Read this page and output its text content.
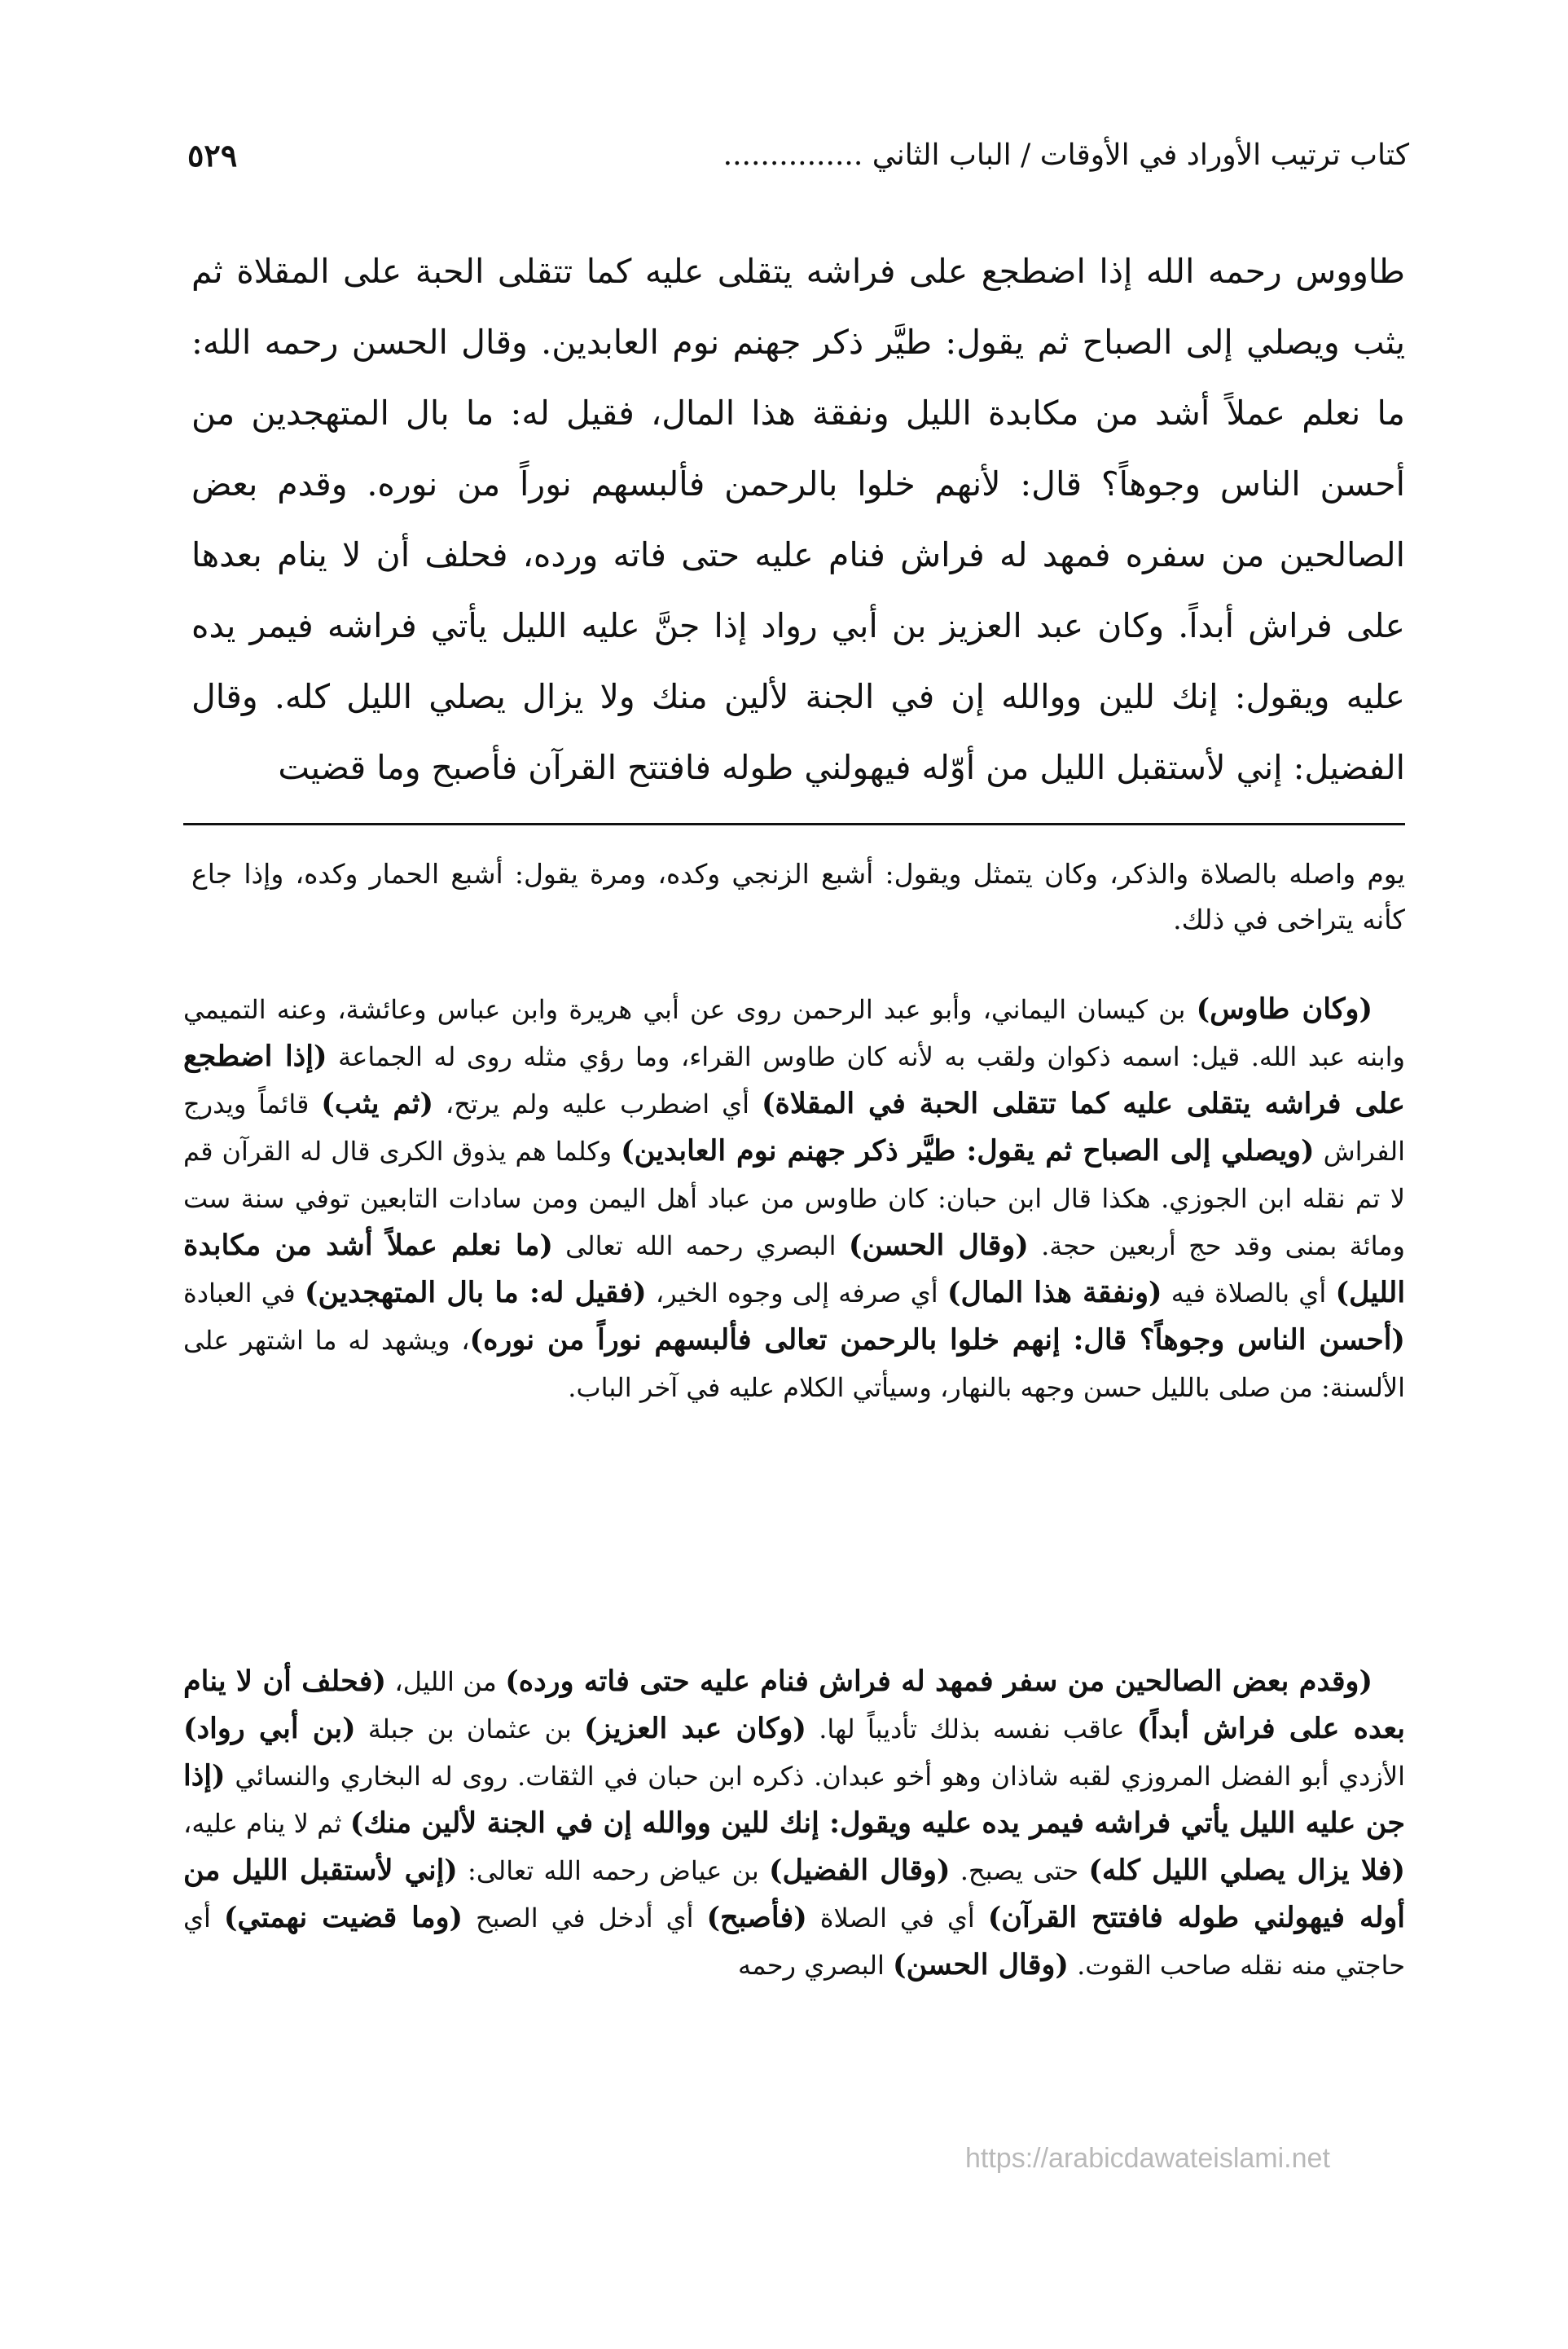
كتاب ترتيب الأوراد في الأوقات / الباب الثاني ...............
٥٢٩

طاووس رحمه الله إذا اضطجع على فراشه يتقلى عليه كما تتقلى الحبة على المقلاة ثم يثب ويصلي إلى الصباح ثم يقول: طيَّر ذكر جهنم نوم العابدين. وقال الحسن رحمه الله: ما نعلم عملاً أشد من مكابدة الليل ونفقة هذا المال، فقيل له: ما بال المتهجدين من أحسن الناس وجوهاً؟ قال: لأنهم خلوا بالرحمن فألبسهم نوراً من نوره. وقدم بعض الصالحين من سفره فمهد له فراش فنام عليه حتى فاته ورده، فحلف أن لا ينام بعدها على فراش أبداً. وكان عبد العزيز بن أبي رواد إذا جنَّ عليه الليل يأتي فراشه فيمر يده عليه ويقول: إنك للين ووالله إن في الجنة لألين منك ولا يزال يصلي الليل كله. وقال الفضيل: إني لأستقبل الليل من أوّله فيهولني طوله فافتتح القرآن فأصبح وما قضيت

يوم واصله بالصلاة والذكر، وكان يتمثل ويقول: أشبع الزنجي وكده، ومرة يقول: أشبع الحمار وكده، وإذا جاع كأنه يتراخى في ذلك.

(وكان طاوس) بن كيسان اليماني، وأبو عبد الرحمن روى عن أبي هريرة وابن عباس وعائشة، وعنه التميمي وابنه عبد الله. قيل: اسمه ذكوان ولقب به لأنه كان طاوس القراء، وما رؤي مثله روى له الجماعة (إذا اضطجع على فراشه يتقلى عليه كما تتقلى الحبة في المقلاة) أي اضطرب عليه ولم يرتح، (ثم يثب) قائماً ويدرج الفراش (ويصلي إلى الصباح ثم يقول: طيَّر ذكر جهنم نوم العابدين) وكلما هم يذوق الكرى قال له القرآن قم لا تم نقله ابن الجوزي. هكذا قال ابن حبان: كان طاوس من عباد أهل اليمن ومن سادات التابعين توفي سنة ست ومائة بمنى وقد حج أربعين حجة. (وقال الحسن) البصري رحمه الله تعالى (ما نعلم عملاً أشد من مكابدة الليل) أي بالصلاة فيه (ونفقة هذا المال) أي صرفه إلى وجوه الخير، (فقيل له: ما بال المتهجدين) في العبادة (أحسن الناس وجوهاً؟ قال: إنهم خلوا بالرحمن تعالى فألبسهم نوراً من نوره)، ويشهد له ما اشتهر على الألسنة: من صلى بالليل حسن وجهه بالنهار، وسيأتي الكلام عليه في آخر الباب.

(وقدم بعض الصالحين من سفر فمهد له فراش فنام عليه حتى فاته ورده) من الليل، (فحلف أن لا ينام بعده على فراش أبداً) عاقب نفسه بذلك تأديباً لها. (وكان عبد العزيز) بن عثمان بن جبلة (بن أبي رواد) الأزدي أبو الفضل المروزي لقبه شاذان وهو أخو عبدان. ذكره ابن حبان في الثقات. روى له البخاري والنسائي (إذا جن عليه الليل يأتي فراشه فيمر يده عليه ويقول: إنك للين ووالله إن في الجنة لألين منك) ثم لا ينام عليه، (فلا يزال يصلي الليل كله) حتى يصبح. (وقال الفضيل) بن عياض رحمه الله تعالى: (إني لأستقبل الليل من أوله فيهولني طوله فافتتح القرآن) أي في الصلاة (فأصبح) أي أدخل في الصبح (وما قضيت نهمتي) أي حاجتي منه نقله صاحب القوت. (وقال الحسن) البصري رحمه

https://arabicdawateislami.net
